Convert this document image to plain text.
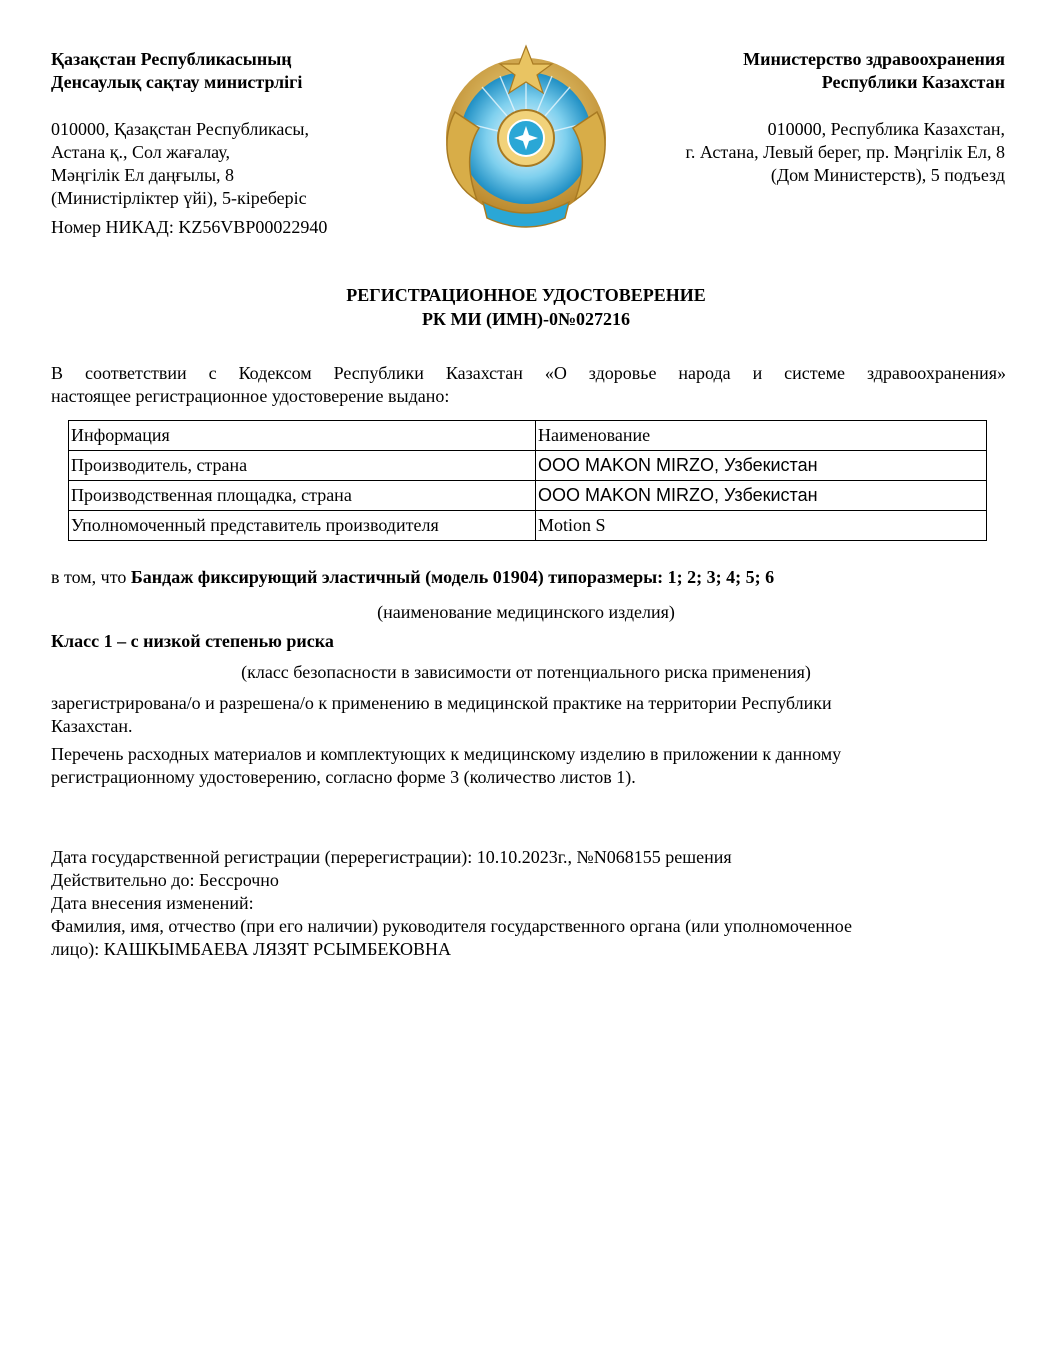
Қазақстан Республикасының
Денсаулық сақтау министрлігі
010000, Қазақстан Республикасы,
Астана қ., Сол жағалау,
Мәңгілік Ел даңғылы, 8
(Министірліктер үйі), 5-кіреберіс
Номер НИКАД: KZ56VBP00022940
Министерство здравоохранения
Республики Казахстан
010000, Республика Казахстан,
г. Астана, Левый берег, пр. Мәңгілік Ел, 8
(Дом Министерств), 5 подъезд
РЕГИСТРАЦИОННОЕ УДОСТОВЕРЕНИЕ
РК МИ (ИМН)-0№027216
В соответствии с Кодексом Республики Казахстан «О здоровье народа и системе здравоохранения»
настоящее регистрационное удостоверение выдано:
Информация	Наименование
Производитель, страна	ООО MAKON MIRZO, Узбекистан
Производственная площадка, страна	ООО MAKON MIRZO, Узбекистан
Уполномоченный представитель производителя	Motion S
в том, что Бандаж фиксирующий эластичный (модель 01904) типоразмеры: 1; 2; 3; 4; 5; 6
(наименование медицинского изделия)
Класс 1 – с низкой степенью риска
(класс безопасности в зависимости от потенциального риска применения)
зарегистрирована/о и разрешена/о к применению в медицинской практике на территории Республики
Казахстан.
Перечень расходных материалов и комплектующих к медицинскому изделию в приложении к данному
регистрационному удостоверению, согласно форме 3 (количество листов 1).
Дата государственной регистрации (перерегистрации): 10.10.2023г., №N068155 решения
Действительно до: Бессрочно
Дата внесения изменений:
Фамилия, имя, отчество (при его наличии) руководителя государственного органа (или уполномоченное
лицо): КАШКЫМБАЕВА ЛЯЗЯТ РСЫМБЕКОВНА
